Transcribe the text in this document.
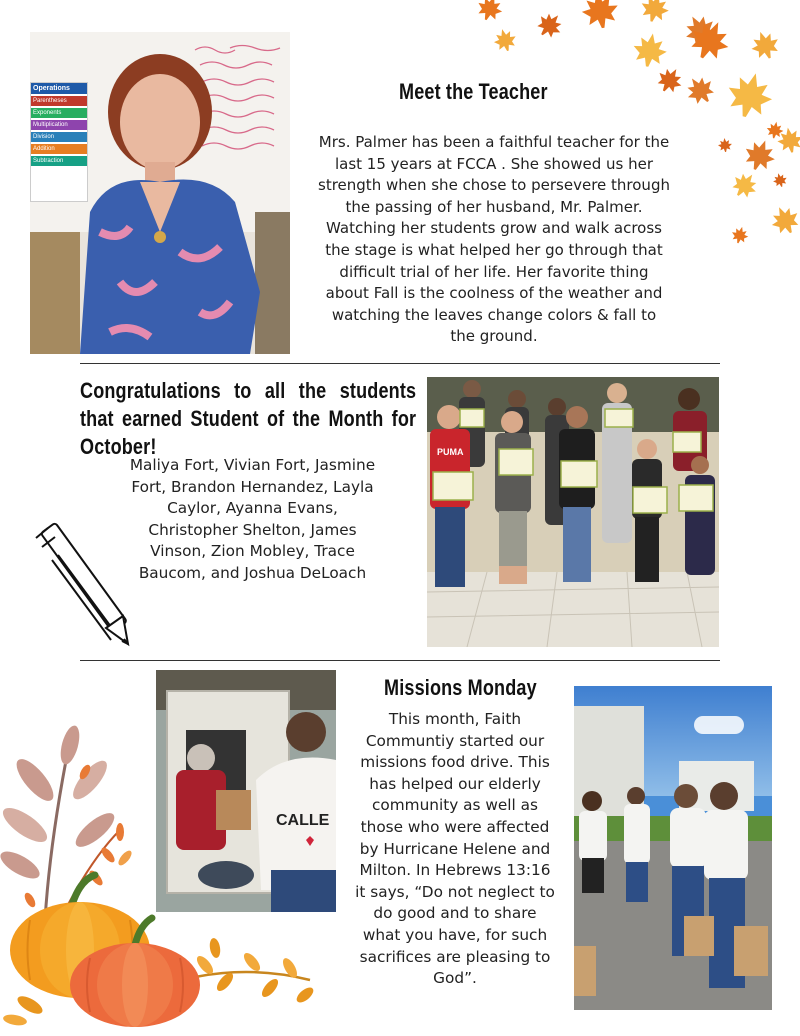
Operations
Parentheses
Exponents
Multiplication
Division
Addition
Subtraction
Meet the Teacher
Mrs. Palmer has been a faithful teacher for the last 15 years at FCCA . She showed us her strength when she chose to persevere through the passing of her husband, Mr. Palmer. Watching her students grow and walk across the stage is what helped her go through that difficult trial of her life. Her favorite thing about Fall is the coolness of the weather and watching the leaves change colors & fall to the ground.
Congratulations to all the students that earned Student of the Month for October!
Maliya Fort, Vivian Fort, Jasmine Fort, Brandon Hernandez, Layla Caylor, Ayanna Evans, Christopher Shelton, James Vinson, Zion Mobley, Trace Baucom, and Joshua DeLoach
PUMA
CALLE
Missions Monday
This month, Faith Communtiy started our missions food drive. This has helped our elderly community as well as those who were affected by Hurricane Helene and Milton. In Hebrews 13:16 it says, “Do not neglect to do good and to share what you have, for such sacrifices are pleasing to God”.
